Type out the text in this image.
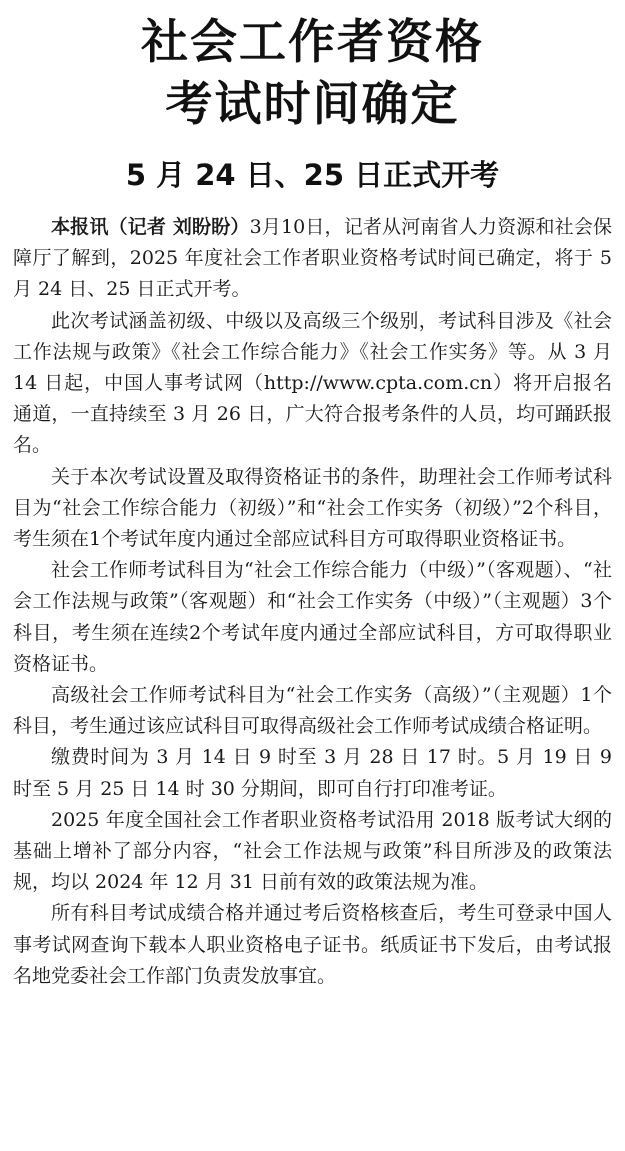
社会工作者资格
考试时间确定
5 月 24 日、25 日正式开考

本报讯（记者 刘盼盼）3月10日，记者从河南省人力资源和社会保障厅了解到，2025 年度社会工作者职业资格考试时间已确定，将于 5 月 24 日、25 日正式开考。

此次考试涵盖初级、中级以及高级三个级别，考试科目涉及《社会工作法规与政策》《社会工作综合能力》《社会工作实务》等。从 3 月 14 日起，中国人事考试网（http://www.cpta.com.cn）将开启报名通道，一直持续至 3 月 26 日，广大符合报考条件的人员，均可踊跃报名。

关于本次考试设置及取得资格证书的条件，助理社会工作师考试科目为“社会工作综合能力（初级）”和“社会工作实务（初级）”2个科目，考生须在1个考试年度内通过全部应试科目方可取得职业资格证书。

社会工作师考试科目为“社会工作综合能力（中级）”（客观题）、“社会工作法规与政策”（客观题）和“社会工作实务（中级）”（主观题）3个科目，考生须在连续2个考试年度内通过全部应试科目，方可取得职业资格证书。

高级社会工作师考试科目为“社会工作实务（高级）”（主观题）1个科目，考生通过该应试科目可取得高级社会工作师考试成绩合格证明。

缴费时间为 3 月 14 日 9 时至 3 月 28 日 17 时。5 月 19 日 9 时至 5 月 25 日 14 时 30 分期间，即可自行打印准考证。

2025 年度全国社会工作者职业资格考试沿用 2018 版考试大纲的基础上增补了部分内容，“社会工作法规与政策”科目所涉及的政策法规，均以 2024 年 12 月 31 日前有效的政策法规为准。

所有科目考试成绩合格并通过考后资格核查后，考生可登录中国人事考试网查询下载本人职业资格电子证书。纸质证书下发后，由考试报名地党委社会工作部门负责发放事宜。
